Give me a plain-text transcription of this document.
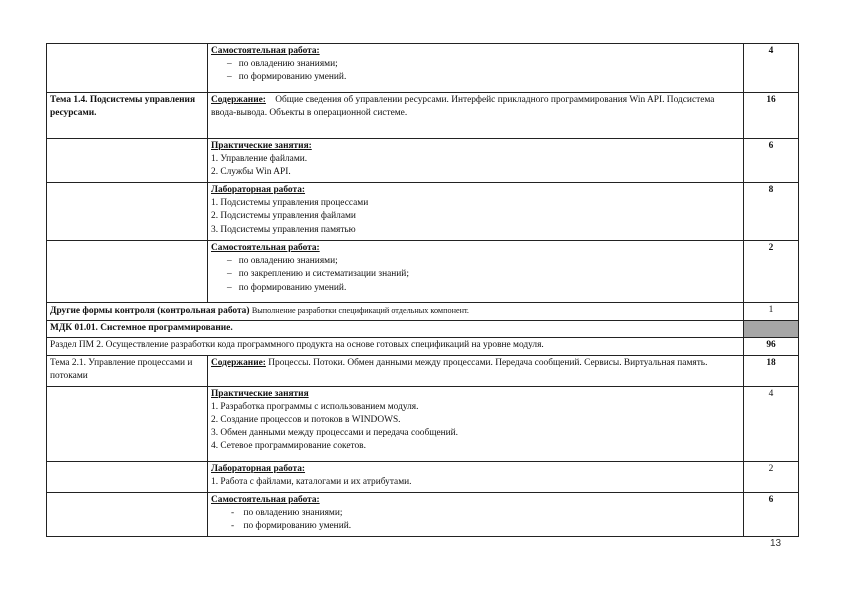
	Самостоятельная работа:
– по овладению знаниями;
– по формированию умений.	4
Тема 1.4. Подсистемы управления ресурсами.	Содержание: Общие сведения об управлении ресурсами. Интерфейс прикладного программирования Win API. Подсистема ввода-вывода. Объекты в операционной системе.	16

	Практические занятия:
1. Управление файлами.
2. Службы Win API.	6

	Лабораторная работа:
1. Подсистемы управления процессами
2. Подсистемы управления файлами
3. Подсистемы управления памятью	8

	Самостоятельная работа:
– по овладению знаниями;
– по закреплению и систематизации знаний;
– по формированию умений.	2
Другие формы контроля (контрольная работа) Выполнение разработки спецификаций отдельных компонент.		1
МДК 01.01. Системное программирование.		
Раздел ПМ 2. Осуществление разработки кода программного продукта на основе готовых спецификаций на уровне модуля.		96
Тема 2.1. Управление процессами и потоками	Содержание: Процессы. Потоки. Обмен данными между процессами. Передача сообщений. Сервисы. Виртуальная память.	18

	Практические занятия
1. Разработка программы с использованием модуля.
2. Создание процессов и потоков в WINDOWS.
3. Обмен данными между процессами и передача сообщений.
4. Сетевое программирование сокетов.	4

	Лабораторная работа:
1. Работа с файлами, каталогами и их атрибутами.	2

	Самостоятельная работа:
- по овладению знаниями;
- по формированию умений.	6
13
